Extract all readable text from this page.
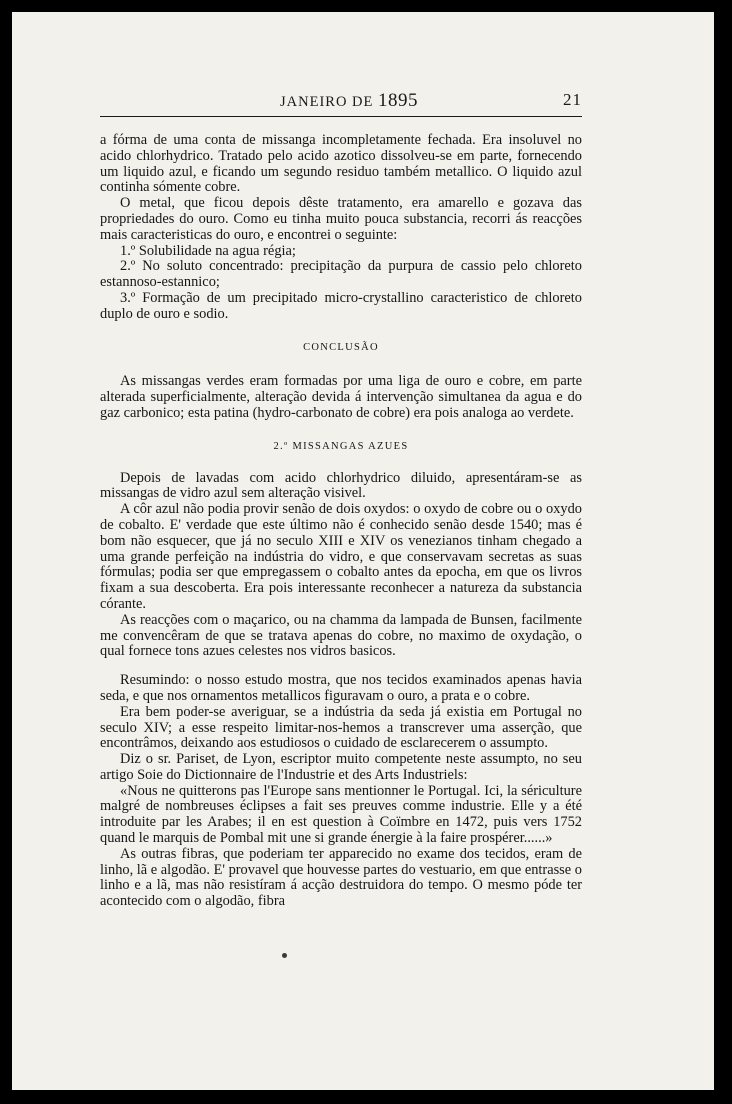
JANEIRO DE 1895	21

a fórma de uma conta de missanga incompletamente fechada. Era insoluvel no acido chlorhydrico. Tratado pelo acido azotico dissolveu-se em parte, fornecendo um liquido azul, e ficando um segundo residuo também metallico. O liquido azul continha sómente cobre.

O metal, que ficou depois dêste tratamento, era amarello e gozava das propriedades do ouro. Como eu tinha muito pouca substancia, recorri ás reacções mais caracteristicas do ouro, e encontrei o seguinte:

1.º Solubilidade na agua régia;

2.º No soluto concentrado: precipitação da purpura de cassio pelo chloreto estannoso-estannico;

3.º Formação de um precipitado micro-crystallino caracteristico de chloreto duplo de ouro e sodio.

CONCLUSÃO

As missangas verdes eram formadas por uma liga de ouro e cobre, em parte alterada superficialmente, alteração devida á intervenção simultanea da agua e do gaz carbonico; esta patina (hydro-carbonato de cobre) era pois analoga ao verdete.

2.º MISSANGAS AZUES

Depois de lavadas com acido chlorhydrico diluido, apresentáram-se as missangas de vidro azul sem alteração visivel.

A côr azul não podia provir senão de dois oxydos: o oxydo de cobre ou o oxydo de cobalto. E' verdade que este último não é conhecido senão desde 1540; mas é bom não esquecer, que já no seculo XIII e XIV os venezianos tinham chegado a uma grande perfeição na indústria do vidro, e que conservavam secretas as suas fórmulas; podia ser que empregassem o cobalto antes da epocha, em que os livros fixam a sua descoberta. Era pois interessante reconhecer a natureza da substancia córante.

As reacções com o maçarico, ou na chamma da lampada de Bunsen, facilmente me convencêram de que se tratava apenas do cobre, no maximo de oxydação, o qual fornece tons azues celestes nos vidros basicos.

Resumindo: o nosso estudo mostra, que nos tecidos examinados apenas havia seda, e que nos ornamentos metallicos figuravam o ouro, a prata e o cobre.

Era bem poder-se averiguar, se a indústria da seda já existia em Portugal no seculo XIV; a esse respeito limitar-nos-hemos a transcrever uma asserção, que encontrâmos, deixando aos estudiosos o cuidado de esclarecerem o assumpto.

Diz o sr. Pariset, de Lyon, escriptor muito competente neste assumpto, no seu artigo Soie do Dictionnaire de l'Industrie et des Arts Industriels:

«Nous ne quitterons pas l'Europe sans mentionner le Portugal. Ici, la sériculture malgré de nombreuses éclipses a fait ses preuves comme industrie. Elle y a été introduite par les Arabes; il en est question à Coïmbre en 1472, puis vers 1752 quand le marquis de Pombal mit une si grande énergie à la faire prospérer......»

As outras fibras, que poderiam ter apparecido no exame dos tecidos, eram de linho, lã e algodão. E' provavel que houvesse partes do vestuario, em que entrasse o linho e a lã, mas não resistíram á acção destruidora do tempo. O mesmo póde ter acontecido com o algodão, fibra
